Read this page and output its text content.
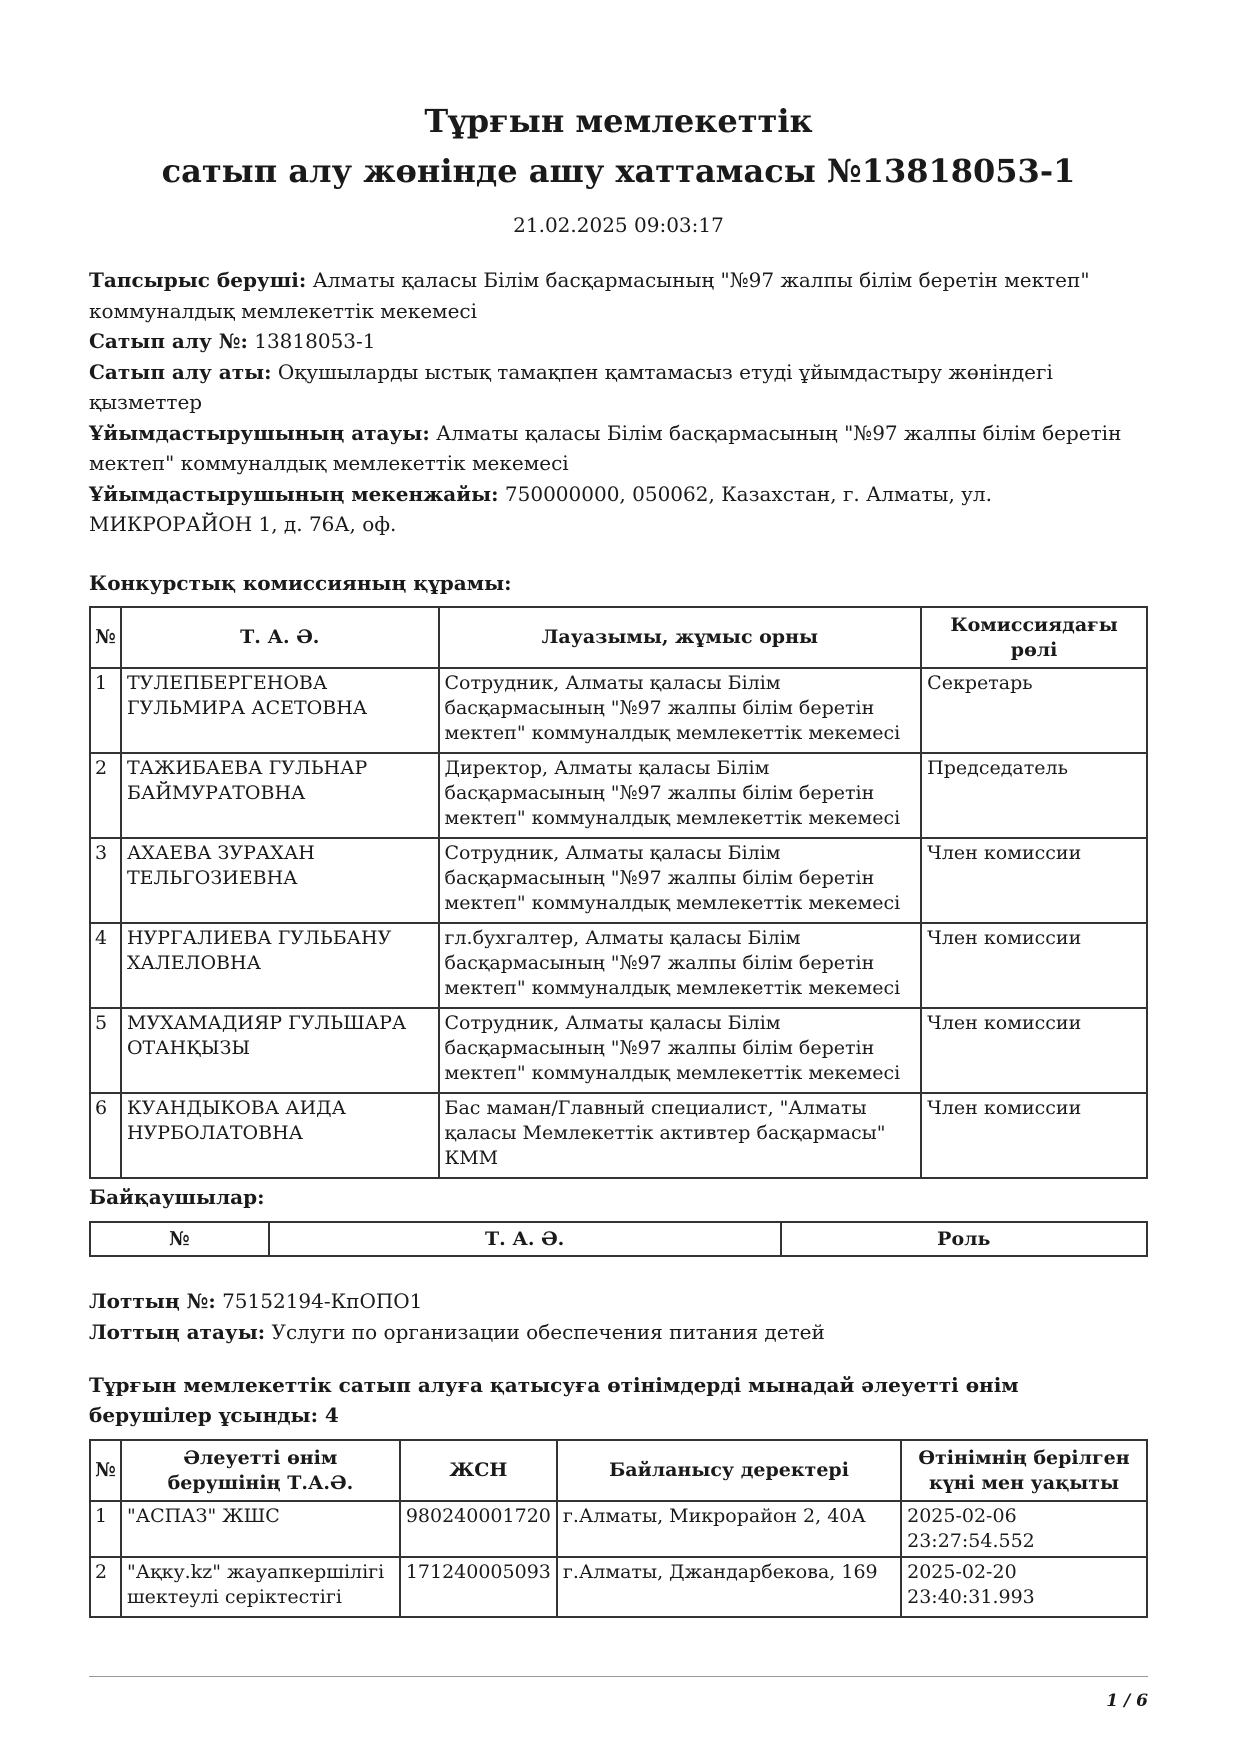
Тұрғын мемлекеттік
сатып алу жөнінде ашу хаттамасы №13818053-1
21.02.2025 09:03:17
Тапсырыс беруші: Алматы қаласы Білім басқармасының "№97 жалпы білім беретін мектеп" коммуналдық мемлекеттік мекемесі
Сатып алу №: 13818053-1
Сатып алу аты: Оқушыларды ыстық тамақпен қамтамасыз етуді ұйымдастыру жөніндегі қызметтер
Ұйымдастырушының атауы: Алматы қаласы Білім басқармасының "№97 жалпы білім беретін мектеп" коммуналдық мемлекеттік мекемесі
Ұйымдастырушының мекенжайы: 750000000, 050062, Казахстан, г. Алматы, ул. МИКРОРАЙОН 1, д. 76А, оф.
Конкурстық комиссияның құрамы:
№	Т. А. Ә.	Лауазымы, жұмыс орны	Комиссиядағы рөлі
1	ТУЛЕПБЕРГЕНОВА ГУЛЬМИРА АСЕТОВНА	Сотрудник, Алматы қаласы Білім басқармасының "№97 жалпы білім беретін мектеп" коммуналдық мемлекеттік мекемесі	Секретарь
2	ТАЖИБАЕВА ГУЛЬНАР БАЙМУРАТОВНА	Директор, Алматы қаласы Білім басқармасының "№97 жалпы білім беретін мектеп" коммуналдық мемлекеттік мекемесі	Председатель
3	АХАЕВА ЗУРАХАН ТЕЛЬГОЗИЕВНА	Сотрудник, Алматы қаласы Білім басқармасының "№97 жалпы білім беретін мектеп" коммуналдық мемлекеттік мекемесі	Член комиссии
4	НУРГАЛИЕВА ГУЛЬБАНУ ХАЛЕЛОВНА	гл.бухгалтер, Алматы қаласы Білім басқармасының "№97 жалпы білім беретін мектеп" коммуналдық мемлекеттік мекемесі	Член комиссии
5	МУХАМАДИЯР ГУЛЬШАРА ОТАНҚЫЗЫ	Сотрудник, Алматы қаласы Білім басқармасының "№97 жалпы білім беретін мектеп" коммуналдық мемлекеттік мекемесі	Член комиссии
6	КУАНДЫКОВА АИДА НУРБОЛАТОВНА	Бас маман/Главный специалист, "Алматы қаласы Мемлекеттік активтер басқармасы" КММ	Член комиссии
Байқаушылар:
№	Т. А. Ә.	Роль
Лоттың №: 75152194-КпОПО1
Лоттың атауы: Услуги по организации обеспечения питания детей
Тұрғын мемлекеттік сатып алуға қатысуға өтінімдерді мынадай әлеуетті өнім берушілер ұсынды: 4
№	Әлеуетті өнім берушінің Т.А.Ә.	ЖСН	Байланысу деректері	Өтінімнің берілген күні мен уақыты
1	"АСПАЗ" ЖШС	980240001720	г.Алматы, Микрорайон 2, 40А	2025-02-06 23:27:54.552
2	"Ақку.kz" жауапкершілігі шектеулі серіктестігі	171240005093	г.Алматы, Джандарбекова, 169	2025-02-20 23:40:31.993
1 / 6
